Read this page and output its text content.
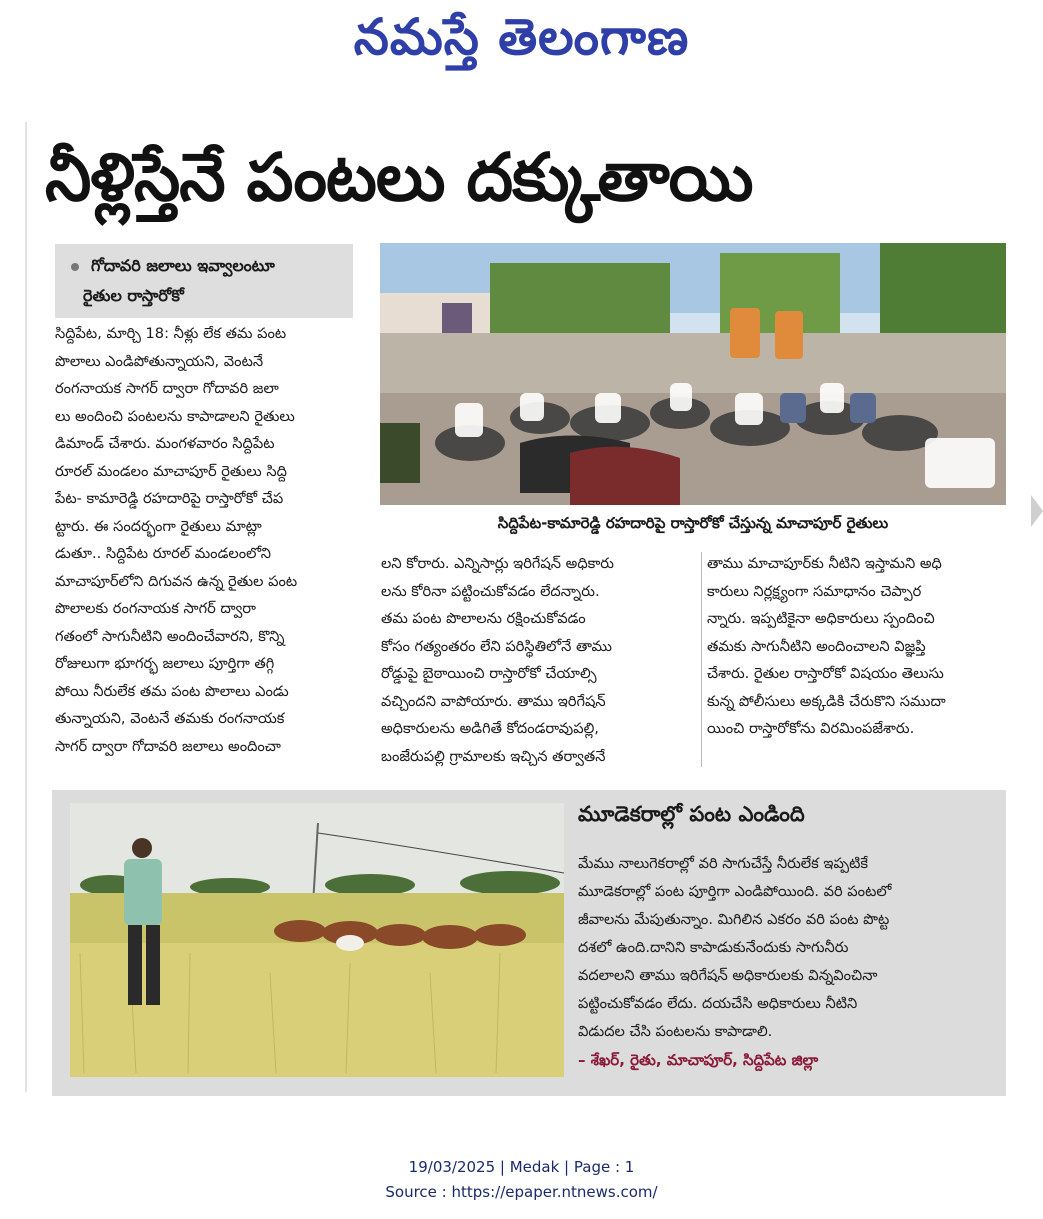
నమస్తే తెలంగాణ
నీళ్లిస్తేనే పంటలు దక్కుతాయి
గోదావరి జలాలు ఇవ్వాలంటూ
రైతుల రాస్తారోకో

సిద్దిపేట, మార్చి 18: నీళ్లు లేక తమ పంట

పొలాలు ఎండిపోతున్నాయని, వెంటనే

రంగనాయక సాగర్ ద్వారా గోదావరి జలా

లు అందించి పంటలను కాపాడాలని రైతులు

డిమాండ్ చేశారు. మంగళవారం సిద్దిపేట

రూరల్ మండలం మాచాపూర్ రైతులు సిద్ది

పేట- కామారెడ్డి రహదారిపై రాస్తారోకో చేప

ట్టారు. ఈ సందర్భంగా రైతులు మాట్లా

డుతూ.. సిద్దిపేట రూరల్ మండలంలోని

మాచాపూర్‌లోని దిగువన ఉన్న రైతుల పంట

పొలాలకు రంగనాయక సాగర్ ద్వారా

గతంలో సాగునీటిని అందించేవారని, కొన్ని

రోజులుగా భూగర్భ జలాలు పూర్తిగా తగ్గి

పోయి నీరులేక తమ పంట పొలాలు ఎండు

తున్నాయని, వెంటనే తమకు రంగనాయక

సాగర్ ద్వారా గోదావరి జలాలు అందించా

సిద్దిపేట-కామారెడ్డి రహదారిపై రాస్తారోకో చేస్తున్న మాచాపూర్ రైతులు

లని కోరారు. ఎన్నిసార్లు ఇరిగేషన్ అధికారు

లను కోరినా పట్టించుకోవడం లేదన్నారు.

తమ పంట పొలాలను రక్షించుకోవడం

కోసం గత్యంతరం లేని పరిస్థితిలోనే తాము

రోడ్డుపై బైఠాయించి రాస్తారోకో చేయాల్సి

వచ్చిందని వాపోయారు. తాము ఇరిగేషన్

అధికారులను అడిగితే కోదండరావుపల్లి,

బంజేరుపల్లి గ్రామాలకు ఇచ్చిన తర్వాతనే

తాము మాచాపూర్‌కు నీటిని ఇస్తామని అధి

కారులు నిర్లక్ష్యంగా సమాధానం చెప్పార

న్నారు. ఇప్పటికైనా అధికారులు స్పందించి

తమకు సాగునీటిని అందించాలని విజ్ఞప్తి

చేశారు. రైతుల రాస్తారోకో విషయం తెలుసు

కున్న పోలీసులు అక్కడికి చేరుకొని సముదా

యించి రాస్తారోకోను విరమింపజేశారు.

మూడెకరాల్లో పంట ఎండింది

మేము నాలుగెకరాల్లో వరి సాగుచేస్తే నీరులేక ఇప్పటికే

మూడెకరాల్లో పంట పూర్తిగా ఎండిపోయింది. వరి పంటలో

జీవాలను మేపుతున్నాం. మిగిలిన ఎకరం వరి పంట పొట్ట

దశలో ఉంది.దానిని కాపాడుకునేందుకు సాగునీరు

వదలాలని తాము ఇరిగేషన్ అధికారులకు విన్నవించినా

పట్టించుకోవడం లేదు. దయచేసి అధికారులు నీటిని

విడుదల చేసి పంటలను కాపాడాలి.

– శేఖర్, రైతు, మాచాపూర్, సిద్దిపేట జిల్లా
19/03/2025 | Medak | Page : 1
Source : https://epaper.ntnews.com/
